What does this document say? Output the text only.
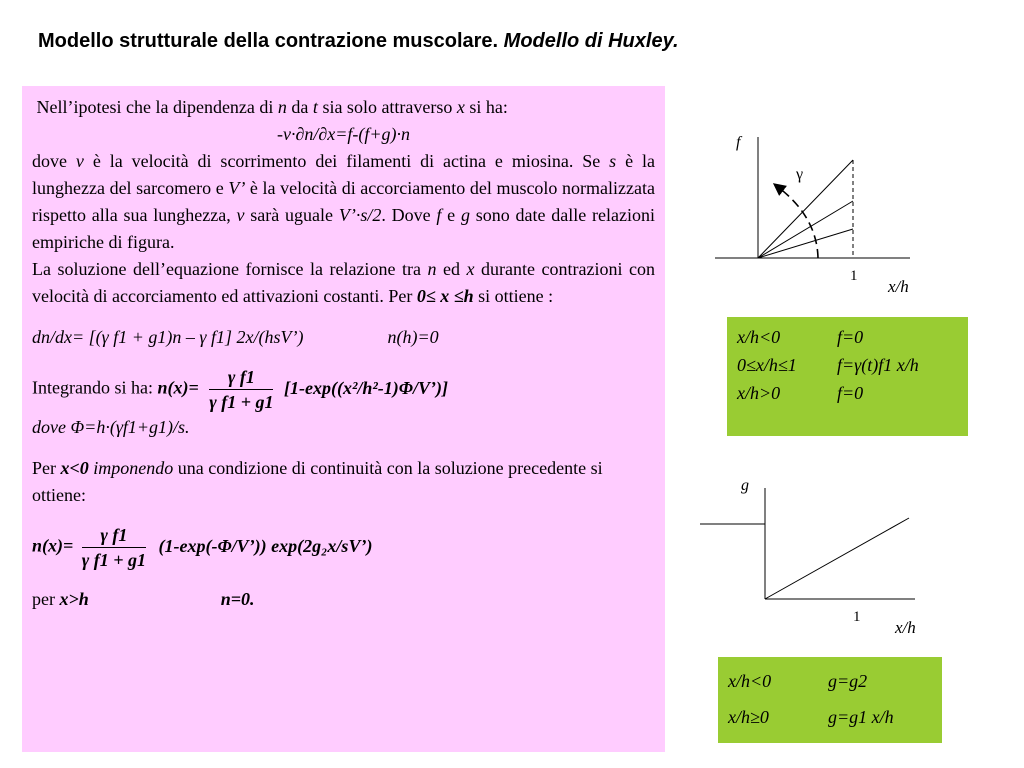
Modello strutturale della contrazione muscolare. Modello di Huxley.

Nell’ipotesi che la dipendenza di n da t sia solo attraverso x si ha:

-v·∂n/∂x=f-(f+g)·n

dove v è la velocità di scorrimento dei filamenti di actina e miosina. Se s è la lunghezza del sarcomero e V’ è la velocità di accorciamento del muscolo normalizzata rispetto alla sua lunghezza, v sarà uguale V’·s/2. Dove f e g sono date dalle relazioni empiriche di figura.

La soluzione dell’equazione fornisce la relazione tra n ed x durante contrazioni con velocità di accorciamento ed attivazioni costanti. Per 0≤ x ≤h si ottiene :

dn/dx= [(γ f1 + g1)n – γ f1] 2x/(hsV’)	n(h)=0

Integrando si ha: $n(x)= \frac{\text{γ f1}}{\text{γ f1 + g1}}$ [1-exp((x²/h²-1)Φ/V’)]

dove Φ=h·(γf1+g1)/s.

Per x<0 imponendo una condizione di continuità con la soluzione precedente si ottiene:

$n(x)= \frac{\text{γ f1}}{\text{γ f1 + g1}}$ (1-exp(-Φ/V’)) exp(2g₂x/sV’)

per x>h	n=0.

f
γ
1
x/h
x/h<0	f=0
0≤x/h≤1	f=γ(t)f1 x/h
x/h>0	f=0
g
1
x/h
x/h<0	g=g2
x/h≥0	g=g1 x/h
